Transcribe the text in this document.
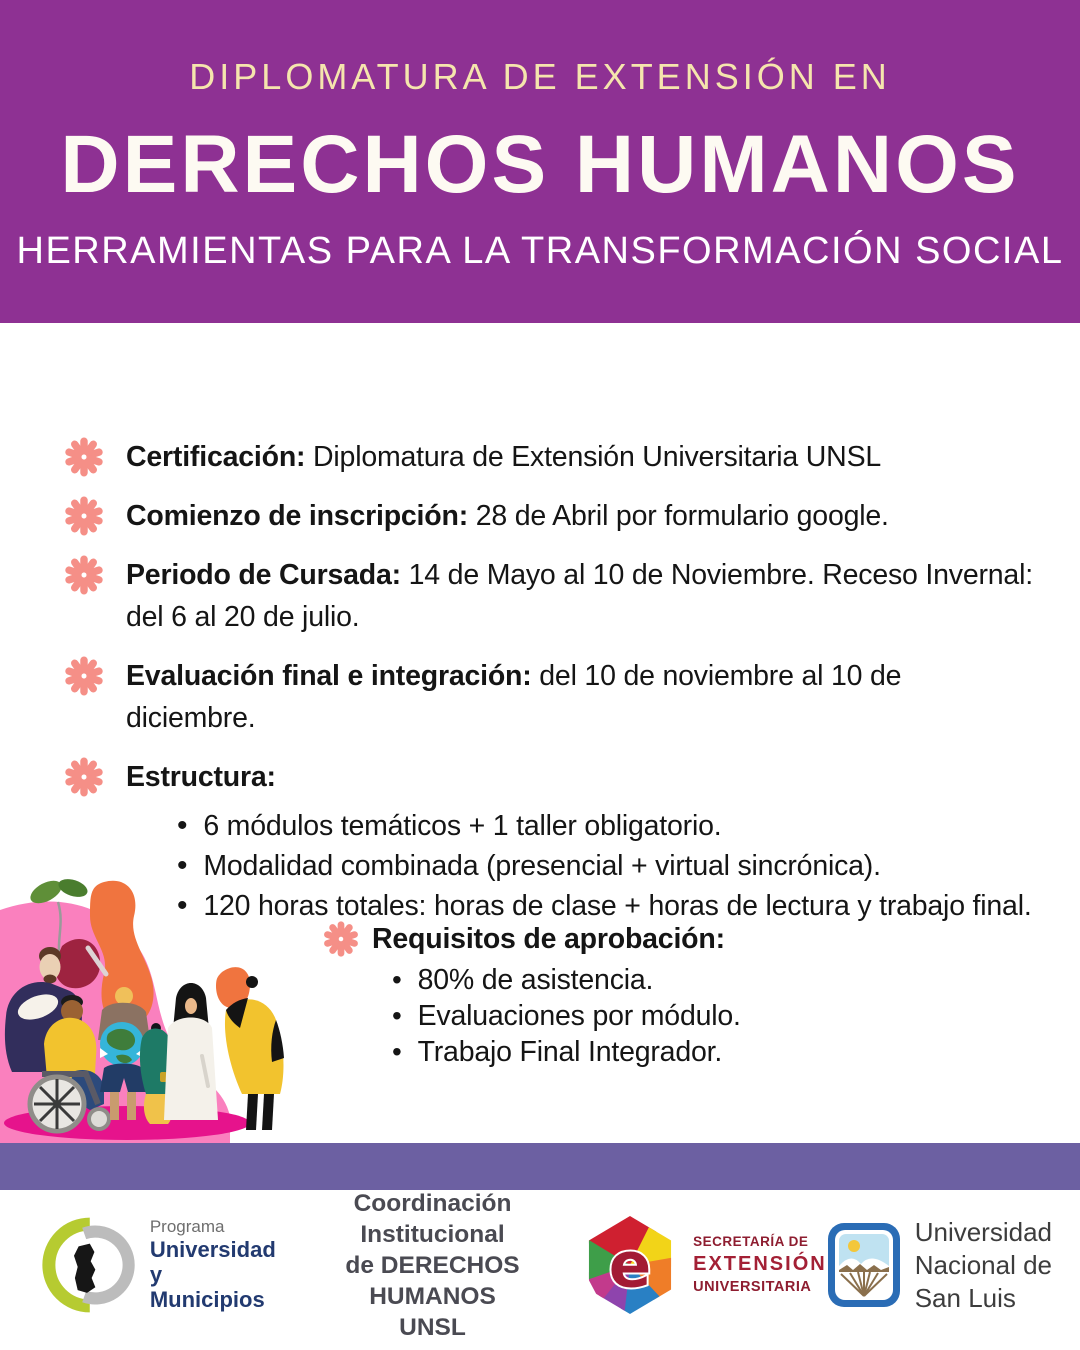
DIPLOMATURA DE EXTENSIÓN EN

DERECHOS HUMANOS

HERRAMIENTAS PARA LA TRANSFORMACIÓN SOCIAL

Certificación: Diplomatura de Extensión Universitaria UNSL

Comienzo de inscripción: 28 de Abril por formulario google.

Periodo de Cursada: 14 de Mayo al 10 de Noviembre. Receso Invernal:
del 6 al 20 de julio.

Evaluación final e integración: del 10 de noviembre al 10 de diciembre.

Estructura:

• 6 módulos temáticos + 1 taller obligatorio.
• Modalidad combinada (presencial + virtual sincrónica).
• 120 horas totales: horas de clase + horas de lectura y trabajo final.
Requisitos de aprobación:
• 80% de asistencia.
• Evaluaciones por módulo.
• Trabajo Final Integrador.
Programa
Universidad y
Municipios
Coordinación Institucional
de DERECHOS HUMANOS
UNSL
e	SECRETARÍA DE
EXTENSIÓN
UNIVERSITARIA
Universidad
Nacional de
San Luis
